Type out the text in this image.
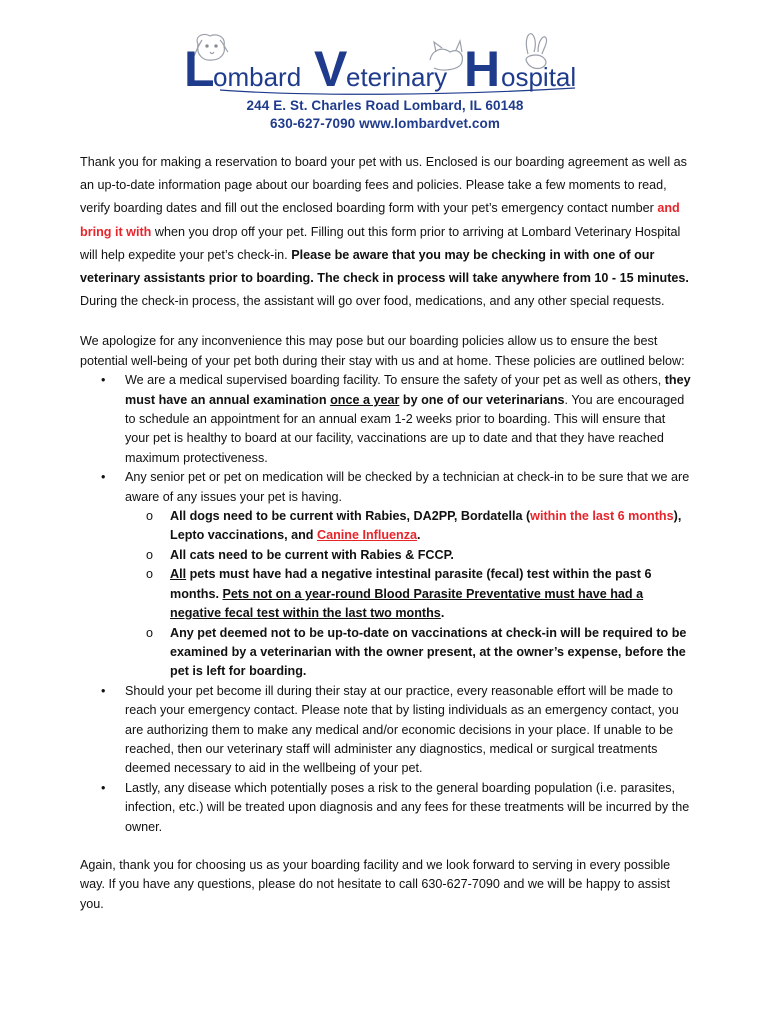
L
ombard V
eterinary H ospital
244 E. St. Charles Road Lombard, IL 60148
630-627-7090 www.lombardvet.com

Thank you for making a reservation to board your pet with us. Enclosed is our boarding agreement as well as an up-to-date information page about our boarding fees and policies. Please take a few moments to read, verify boarding dates and fill out the enclosed boarding form with your pet’s emergency contact number and bring it with when you drop off your pet. Filling out this form prior to arriving at Lombard Veterinary Hospital will help expedite your pet’s check-in. Please be aware that you may be checking in with one of our veterinary assistants prior to boarding. The check in process will take anywhere from 10 - 15 minutes. During the check-in process, the assistant will go over food, medications, and any other special requests.

We apologize for any inconvenience this may pose but our boarding policies allow us to ensure the best potential well-being of your pet both during their stay with us and at home. These policies are outlined below:

• We are a medical supervised boarding facility. To ensure the safety of your pet as well as others, they must have an annual examination once a year by one of our veterinarians. You are encouraged to schedule an appointment for an annual exam 1-2 weeks prior to boarding. This will ensure that your pet is healthy to board at our facility, vaccinations are up to date and that they have reached maximum protectiveness.
• Any senior pet or pet on medication will be checked by a technician at check-in to be sure that we are aware of any issues your pet is having.
o All dogs need to be current with Rabies, DA2PP, Bordatella (within the last 6 months), Lepto vaccinations, and Canine Influenza.
o All cats need to be current with Rabies & FCCP.
o All pets must have had a negative intestinal parasite (fecal) test within the past 6 months. Pets not on a year-round Blood Parasite Preventative must have had a negative fecal test within the last two months.
o Any pet deemed not to be up-to-date on vaccinations at check-in will be required to be examined by a veterinarian with the owner present, at the owner’s expense, before the pet is left for boarding.
• Should your pet become ill during their stay at our practice, every reasonable effort will be made to reach your emergency contact. Please note that by listing individuals as an emergency contact, you are authorizing them to make any medical and/or economic decisions in your place. If unable to be reached, then our veterinary staff will administer any diagnostics, medical or surgical treatments deemed necessary to aid in the wellbeing of your pet.
• Lastly, any disease which potentially poses a risk to the general boarding population (i.e. parasites, infection, etc.) will be treated upon diagnosis and any fees for these treatments will be incurred by the owner.

Again, thank you for choosing us as your boarding facility and we look forward to serving in every possible way. If you have any questions, please do not hesitate to call 630-627-7090 and we will be happy to assist you.
